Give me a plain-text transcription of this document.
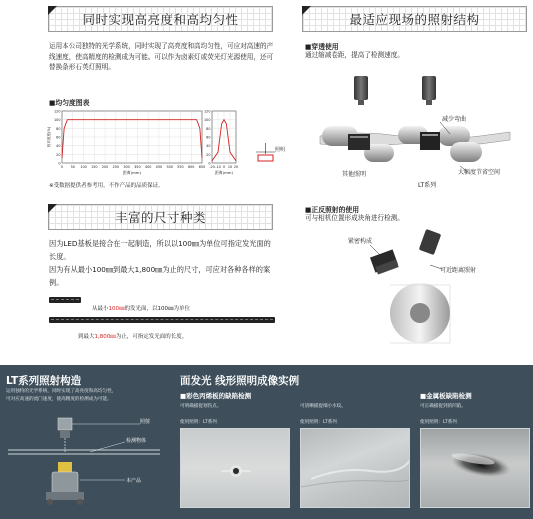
同时实现高亮度和高均匀性
运用本公司独特的光学系统，同时实现了高亮度和高均匀性，可应对高速的产线速度，使高精度的检测成为可能。可以作为卤素灯或荧光灯光源使用，还可替换条形石英灯照明。
■均匀度图表
0
20
40
60
80
100
120
0 50 100 150 200 250 300 350 400 450 500 550 600 650
相对照度(%)
距离(mm)
0
20
40
60
80
100
120
-20 -10 0 10 20
距离(mm)
照明
※受数据提供者参考用，不作产品的品质保证。
最适应现场的照射结构
■穿透使用
通过缩减卷距，提高了检测速度。
减少弯曲
其他照明
LT系列
大幅度节省空间
■正反照射的使用
可与相机位置形成块角进行检测。
紧密构成
可近距离照射
丰富的尺寸种类
因为LED基板是接合在一起制造，所以以100㎜为单位可指定发光面的长度。
因为有从最小100㎜到最大1,800㎜为止的尺寸，可应对各种各样的案例。
从最小100㎜的发光面，以100㎜为单位
到最大1,800㎜为止，可指定发光面的长度。
LT系列照射构造
运用独特的光学系统，同时实现了高亮度和高均匀性，
可对应高速的流门速度，使高精度的检测成为可能。
照射
检测物体
本产品
面发光 线形照明成像实例
■彩色丙烯板的缺陷检测
可明确捕捉划伤点。
使用照明：LT系列
可清晰捕捉细小水纹。
使用照明：LT系列
■金属板缺陷检测
可正确捕捉到的凹陷。
使用照明：LT系列
